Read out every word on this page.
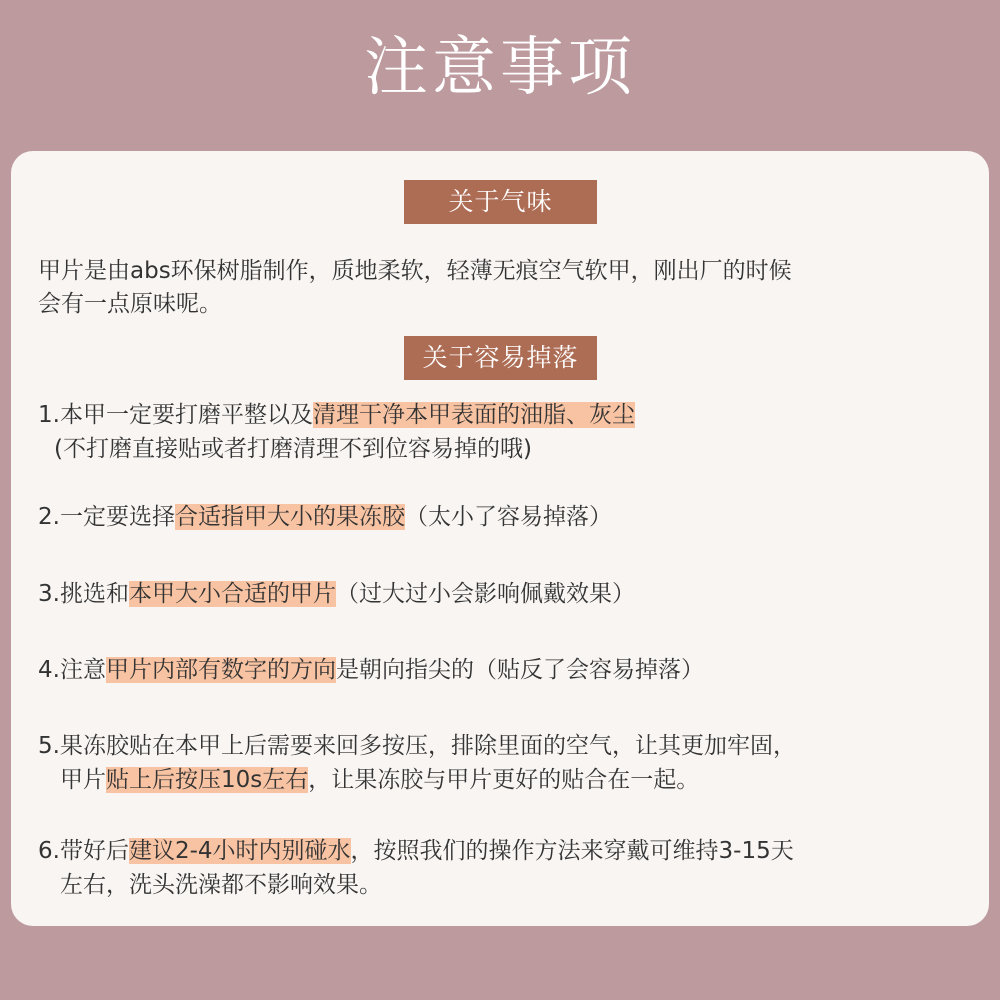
注意事项
关于气味
甲片是由abs环保树脂制作，质地柔软，轻薄无痕空气软甲，刚出厂的时候
会有一点原味呢。
关于容易掉落
1.本甲一定要打磨平整以及清理干净本甲表面的油脂、灰尘
(不打磨直接贴或者打磨清理不到位容易掉的哦)
2.一定要选择合适指甲大小的果冻胶（太小了容易掉落）
3.挑选和本甲大小合适的甲片（过大过小会影响佩戴效果）
4.注意甲片内部有数字的方向是朝向指尖的（贴反了会容易掉落）
5.果冻胶贴在本甲上后需要来回多按压，排除里面的空气，让其更加牢固，
甲片贴上后按压10s左右，让果冻胶与甲片更好的贴合在一起。
6.带好后建议2-4小时内别碰水，按照我们的操作方法来穿戴可维持3-15天
左右，洗头洗澡都不影响效果。
